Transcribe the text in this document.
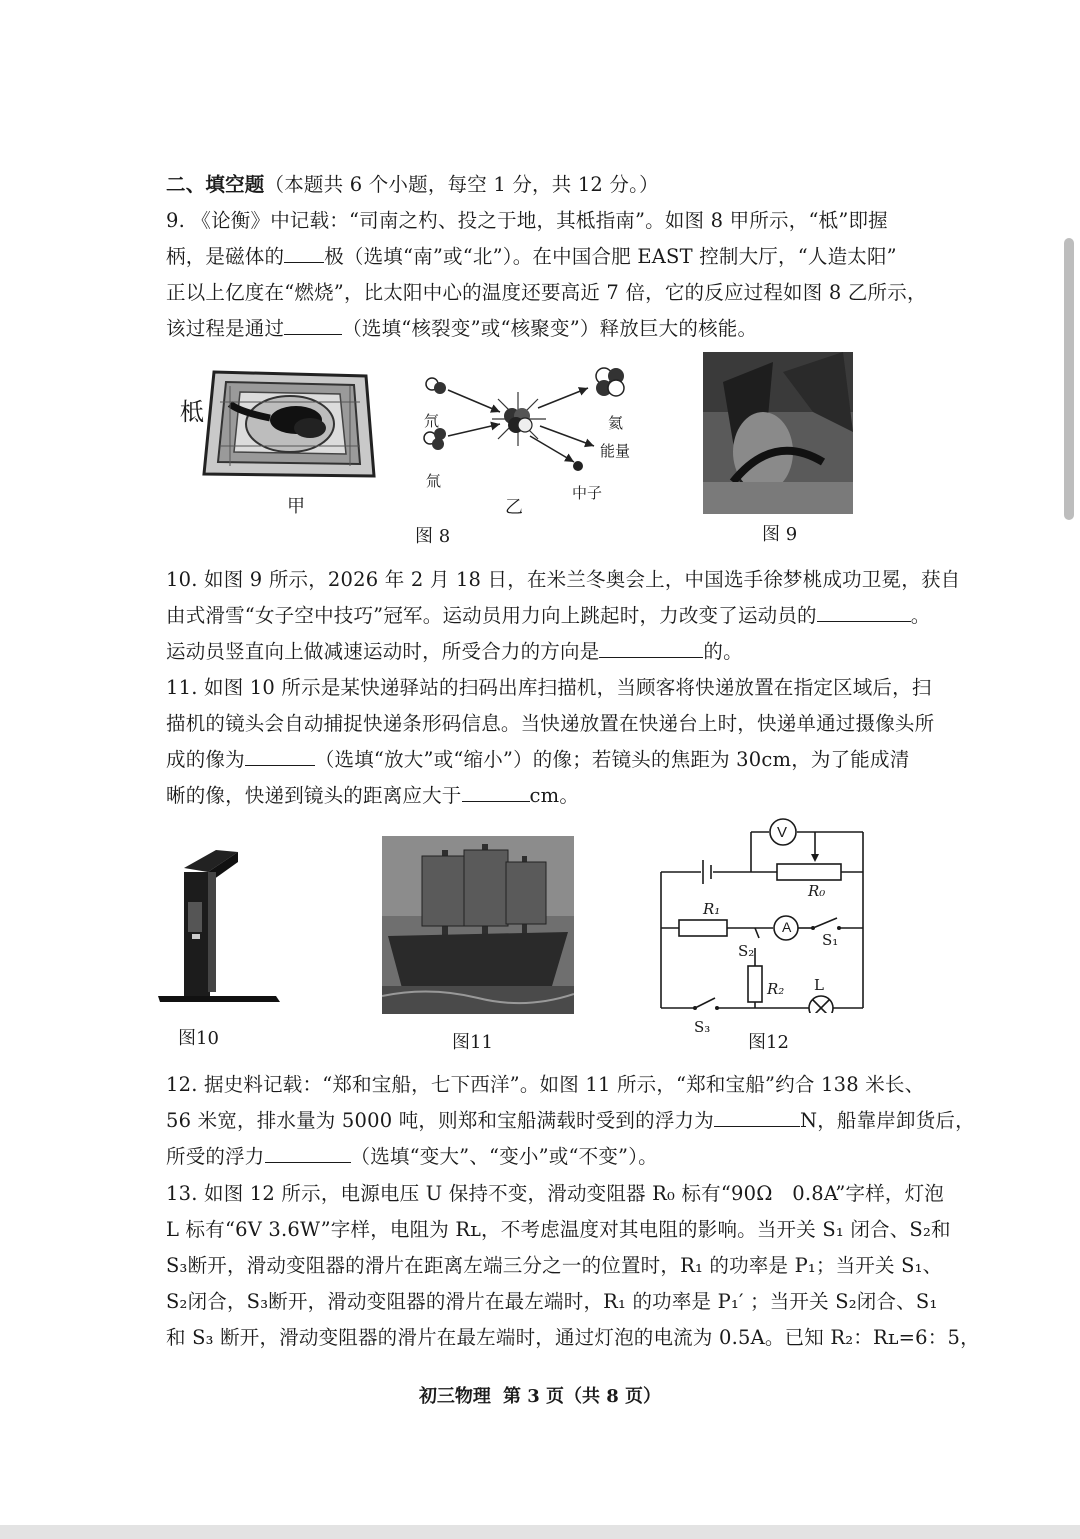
二、填空题（本题共 6 个小题，每空 1 分，共 12 分。）
9. 《论衡》中记载：“司南之杓、投之于地，其柢指南”。如图 8 甲所示，“柢”即握
柄，是磁体的 极（选填“南”或“北”）。在中国合肥 EAST 控制大厅，“人造太阳”
正以上亿度在“燃烧”，比太阳中心的温度还要高近 7 倍，它的反应过程如图 8 乙所示，
该过程是通过	（选填“核裂变”或“核聚变”）释放巨大的核能。
柢
甲
氘
氚
氦
能量
中子
乙
图 8	图 9
10. 如图 9 所示，2026 年 2 月 18 日，在米兰冬奥会上，中国选手徐梦桃成功卫冕，获自
由式滑雪“女子空中技巧”冠军。运动员用力向上跳起时，力改变了运动员的	。
运动员竖直向上做减速运动时，所受合力的方向是	的。
11. 如图 10 所示是某快递驿站的扫码出库扫描机，当顾客将快递放置在指定区域后，扫
描机的镜头会自动捕捉快递条形码信息。当快递放置在快递台上时，快递单通过摄像头所
成的像为	（选填“放大”或“缩小”）的像；若镜头的焦距为 30cm，为了能成清
晰的像，快递到镜头的距离应大于	cm。
图10	图11
V
A
R₀
R₁
R₂
S₁
S₂
S₃
L
图12
12. 据史料记载：“郑和宝船，七下西洋”。如图 11 所示，“郑和宝船”约合 138 米长、
56 米宽，排水量为 5000 吨，则郑和宝船满载时受到的浮力为	N，船靠岸卸货后，
所受的浮力	（选填“变大”、“变小”或“不变”）。
13. 如图 12 所示，电源电压 U 保持不变，滑动变阻器 R₀ 标有“90Ω　0.8A”字样，灯泡
L 标有“6V 3.6W”字样，电阻为 Rʟ，不考虑温度对其电阻的影响。当开关 S₁ 闭合、S₂和
S₃断开，滑动变阻器的滑片在距离左端三分之一的位置时，R₁ 的功率是 P₁；当开关 S₁、
S₂闭合，S₃断开，滑动变阻器的滑片在最左端时，R₁ 的功率是 P₁′ ；当开关 S₂闭合、S₁
和 S₃ 断开，滑动变阻器的滑片在最左端时，通过灯泡的电流为 0.5A。已知 R₂：Rʟ=6：5，
初三物理 第 3 页（共 8 页）
